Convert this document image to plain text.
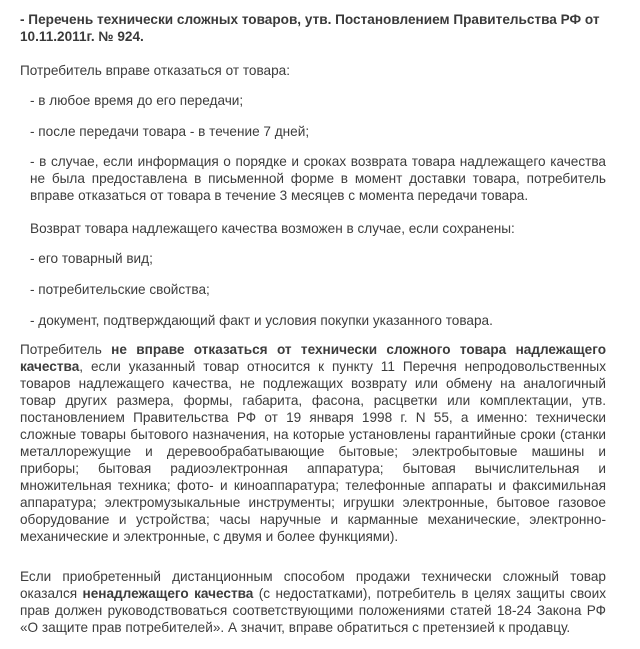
- Перечень технически сложных товаров, утв. Постановлением Правительства РФ от
10.11.2011г. № 924.

Потребитель вправе отказаться от товара:

- в любое время до его передачи;

- после передачи товара - в течение 7 дней;

- в случае, если информация о порядке и сроках возврата товара надлежащего качества не была предоставлена в письменной форме в момент доставки товара, потребитель вправе отказаться от товара в течение 3 месяцев с момента передачи товара.

Возврат товара надлежащего качества возможен в случае, если сохранены:

- его товарный вид;

- потребительские свойства;

- документ, подтверждающий факт и условия покупки указанного товара.

Потребитель не вправе отказаться от технически сложного товара надлежащего качества, если указанный товар относится к пункту 11 Перечня непродовольственных товаров надлежащего качества, не подлежащих возврату или обмену на аналогичный товар других размера, формы, габарита, фасона, расцветки или комплектации, утв. постановлением Правительства РФ от 19 января 1998 г. N 55, а именно: технически сложные товары бытового назначения, на которые установлены гарантийные сроки (станки металлорежущие и деревообрабатывающие бытовые; электробытовые машины и приборы; бытовая радиоэлектронная аппаратура; бытовая вычислительная и множительная техника; фото- и киноаппаратура; телефонные аппараты и факсимильная аппаратура; электромузыкальные инструменты; игрушки электронные, бытовое газовое оборудование и устройства; часы наручные и карманные механические, электронно-механические и электронные, с двумя и более функциями).

Если приобретенный дистанционным способом продажи технически сложный товар оказался ненадлежащего качества (с недостатками), потребитель в целях защиты своих прав должен руководствоваться соответствующими положениями статей 18-24 Закона РФ «О защите прав потребителей». А значит, вправе обратиться с претензией к продавцу.
